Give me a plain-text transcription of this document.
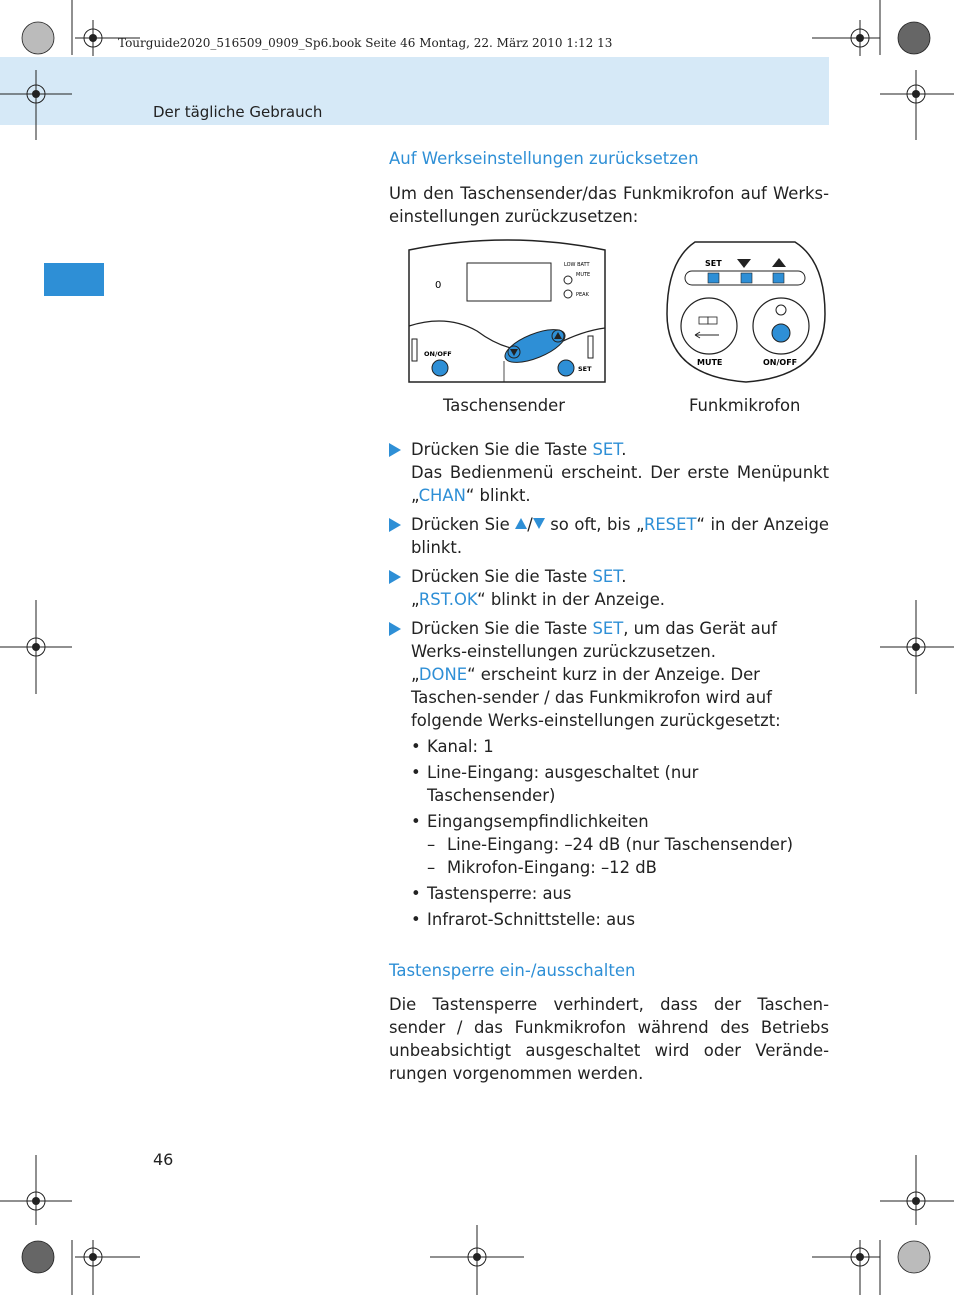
Tourguide2020_516509_0909_Sp6.book Seite 46 Montag, 22. März 2010 1:12 13
Der tägliche Gebrauch
Auf Werkseinstellungen zurücksetzen

Um den Taschensender/das Funkmikrofon auf Werks-einstellungen zurückzusetzen:

0
LOW BATT
MUTE
PEAK
ON/OFF
SET
SET
MUTE	ON/OFF
Taschensender	Funkmikrofon
Drücken Sie die Taste SET.
Das Bedienmenü erscheint. Der erste Menüpunkt „CHAN“ blinkt.
Drücken Sie / so oft, bis „RESET“ in der Anzeige blinkt.
Drücken Sie die Taste SET.
„RST.OK“ blinkt in der Anzeige.
Drücken Sie die Taste SET, um das Gerät auf Werks-einstellungen zurückzusetzen.
„DONE“ erscheint kurz in der Anzeige. Der Taschen-sender / das Funkmikrofon wird auf folgende Werks-einstellungen zurückgesetzt:
• Kanal: 1
• Line-Eingang: ausgeschaltet (nur Taschensender)
• Eingangsempfindlichkeiten
– Line-Eingang: –24 dB (nur Taschensender)
– Mikrofon-Eingang: –12 dB
• Tastensperre: aus
• Infrarot-Schnittstelle: aus
Tastensperre ein-/ausschalten

Die Tastensperre verhindert, dass der Taschen-sender / das Funkmikrofon während des Betriebs unbeabsichtigt ausgeschaltet wird oder Verände-rungen vorgenommen werden.

46
